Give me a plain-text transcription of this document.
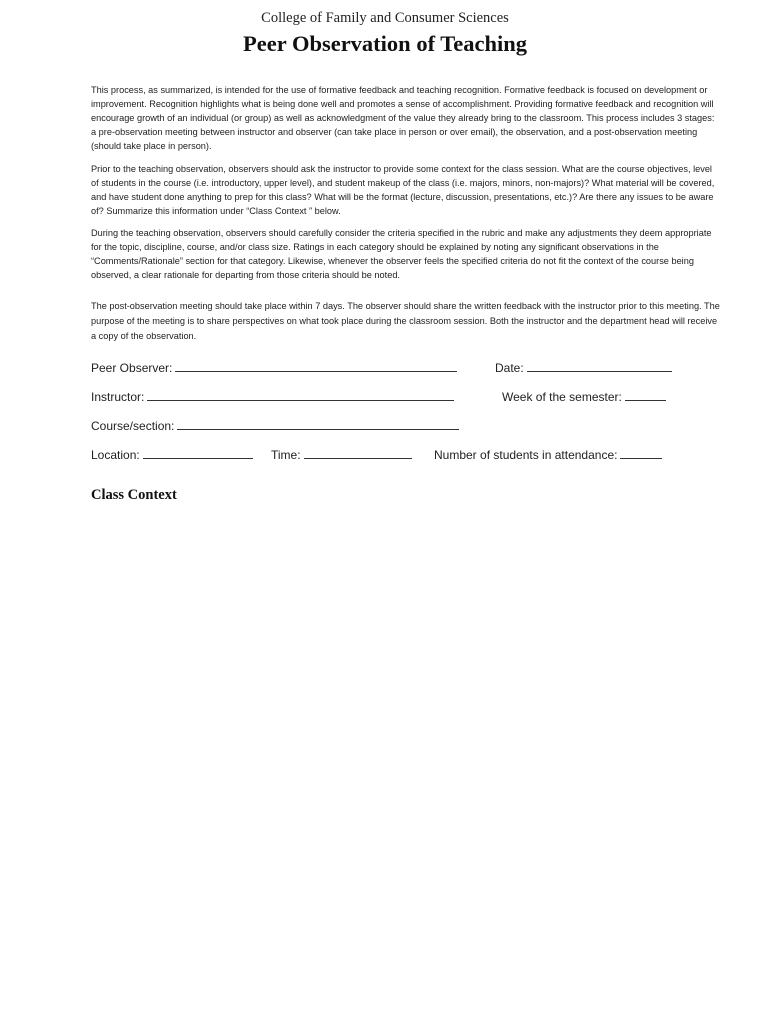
College of Family and Consumer Sciences
Peer Observation of Teaching

This process, as summarized, is intended for the use of formative feedback and teaching recognition. Formative feedback is focused on development or improvement. Recognition highlights what is being done well and promotes a sense of accomplishment. Providing formative feedback and recognition will encourage growth of an individual (or group) as well as acknowledgment of the value they already bring to the classroom. This process includes 3 stages: a pre-observation meeting between instructor and observer (can take place in person or over email), the observation, and a post-observation meeting (should take place in person).

Prior to the teaching observation, observers should ask the instructor to provide some context for the class session. What are the course objectives, level of students in the course (i.e. introductory, upper level), and student makeup of the class (i.e. majors, minors, non-majors)? What material will be covered, and have student done anything to prep for this class? What will be the format (lecture, discussion, presentations, etc.)? Are there any issues to be aware of? Summarize this information under “Class Context ” below.

During the teaching observation, observers should carefully consider the criteria specified in the rubric and make any adjustments they deem appropriate for the topic, discipline, course, and/or class size. Ratings in each category should be explained by noting any significant observations in the “Comments/Rationale” section for that category. Likewise, whenever the observer feels the specified criteria do not fit the context of the course being observed, a clear rationale for departing from those criteria should be noted.

The post-observation meeting should take place within 7 days. The observer should share the written feedback with the instructor prior to this meeting. The purpose of the meeting is to share perspectives on what took place during the classroom session. Both the instructor and the department head will receive a copy of the observation.

Peer Observer:	Date:
Instructor:	Week of the semester:
Course/section:
Location:	Time:	Number of students in attendance:
Class Context
